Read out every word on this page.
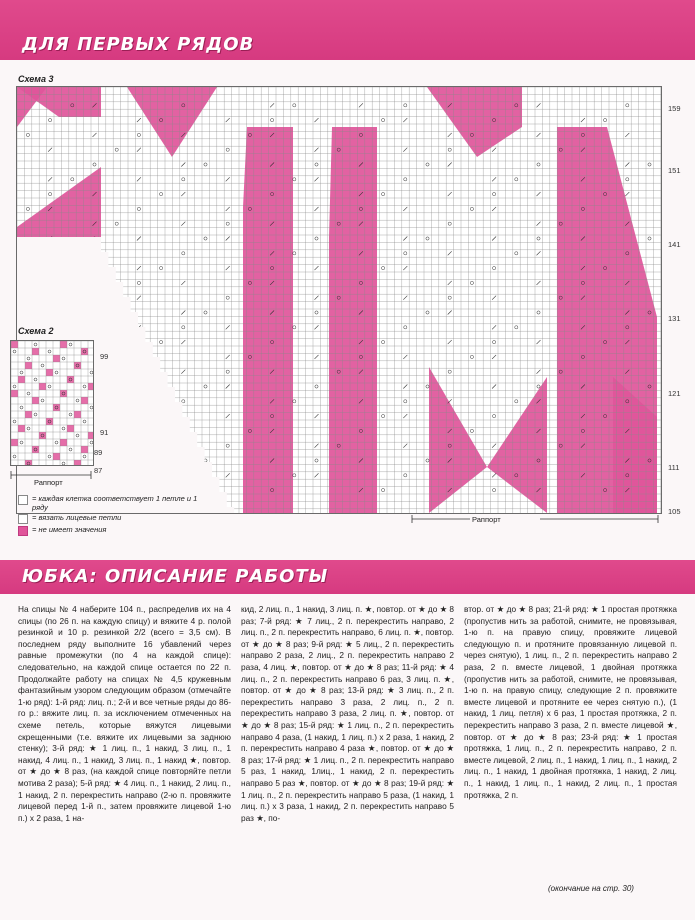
ДЛЯ ПЕРВЫХ РЯДОВ
Схема 3
159
151
141
131
121
111
105
Раппорт
Схема 2
99
91
89
87
Раппорт
= каждая клетка соответствует 1 петле и 1 ряду
= вязать лицевые петли
= не имеет значения
ЮБКА: ОПИСАНИЕ РАБОТЫ
На спицы № 4 наберите 104 п., распределив их на 4 спицы (по 26 п. на каждую спицу) и вяжите 4 р. полой резинкой и 10 р. резинкой 2/2 (всего = 3,5 см). В последнем ряду выполните 16 убавлений через равные промежутки (по 4 на каждой спице): следовательно, на каждой спице остается по 22 п. Продолжайте работу на спицах № 4,5 кружевным фантазийным узором следующим образом (отмечайте 1-ю ряд): 1-й ряд: лиц. п.; 2-й и все четные ряды до 86-го р.: вяжите лиц. п. за исключением отмеченных на схеме петель, которые вяжутся лицевыми скрещенными (т.е. вяжите их лицевыми за заднюю стенку); 3-й ряд: ★ 1 лиц. п., 1 накид, 3 лиц. п., 1 накид, 4 лиц. п., 1 накид, 3 лиц. п., 1 накид ★, повтор. от ★ до ★ 8 раз, (на каждой спице повторяйте петли мотива 2 раза); 5-й ряд: ★ 4 лиц. п., 1 накид, 2 лиц. п., 1 накид, 2 п. перекрестить направо (2-ю п. провяжите лицевой перед 1-й п., затем провяжите лицевой 1-ю п.) х 2 раза, 1 на-
кид, 2 лиц. п., 1 накид, 3 лиц. п. ★, повтор. от ★ до ★ 8 раз; 7-й ряд: ★ 7 лиц., 2 п. перекрестить направо, 2 лиц. п., 2 п. перекрестить направо, 6 лиц. п. ★, повтор. от ★ до ★ 8 раз; 9-й ряд: ★ 5 лиц., 2 п. перекрестить направо 2 раза, 2 лиц., 2 п. перекрестить направо 2 раза, 4 лиц. ★, повтор. от ★ до ★ 8 раз; 11-й ряд: ★ 4 лиц. п., 2 п. перекрестить направо 6 раз, 3 лиц. п. ★, повтор. от ★ до ★ 8 раз; 13-й ряд: ★ 3 лиц. п., 2 п. перекрестить направо 3 раза, 2 лиц. п., 2 п. перекрестить направо 3 раза, 2 лиц. п. ★, повтор. от ★ до ★ 8 раз; 15-й ряд: ★ 1 лиц. п., 2 п. перекрестить направо 4 раза, (1 накид, 1 лиц. п.) х 2 раза, 1 накид, 2 п. перекрестить направо 4 раза ★, повтор. от ★ до ★ 8 раз; 17-й ряд: ★ 1 лиц. п., 2 п. перекрестить направо 5 раз, 1 накид, 1лиц., 1 накид, 2 п. перекрестить направо 5 раз ★, повтор. от ★ до ★ 8 раз; 19-й ряд: ★ 1 лиц. п., 2 п. перекрестить направо 5 раза, (1 накид, 1 лиц. п.) х 3 раза, 1 накид, 2 п. перекрестить направо 5 раз ★, по-
втор. от ★ до ★ 8 раз; 21-й ряд: ★ 1 простая протяжка (пропустив нить за работой, снимите, не провязывая, 1-ю п. на правую спицу, провяжите лицевой следующую п. и протяните провязанную лицевой п. через снятую), 1 лиц. п., 2 п. перекрестить направо 2 раза, 2 п. вместе лицевой, 1 двойная протяжка (пропустив нить за работой, снимите, не провязывая, 1-ю п. на правую спицу, следующие 2 п. провяжите вместе лицевой и протяните ее через снятую п.), (1 накид, 1 лиц. петля) х 6 раз, 1 простая протяжка, 2 п. перекрестить направо 3 раза, 2 п. вместе лицевой ★, повтор. от ★ до ★ 8 раз; 23-й ряд: ★ 1 простая протяжка, 1 лиц. п., 2 п. перекрестить направо, 2 п. вместе лицевой, 2 лиц. п., 1 накид, 1 лиц. п., 1 накид, 2 лиц. п., 1 накид, 1 двойная протяжка, 1 накид, 2 лиц. п., 1 накид, 1 лиц. п., 1 накид, 2 лиц. п., 1 простая протяжка, 2 п.
(окончание на стр. 30)
